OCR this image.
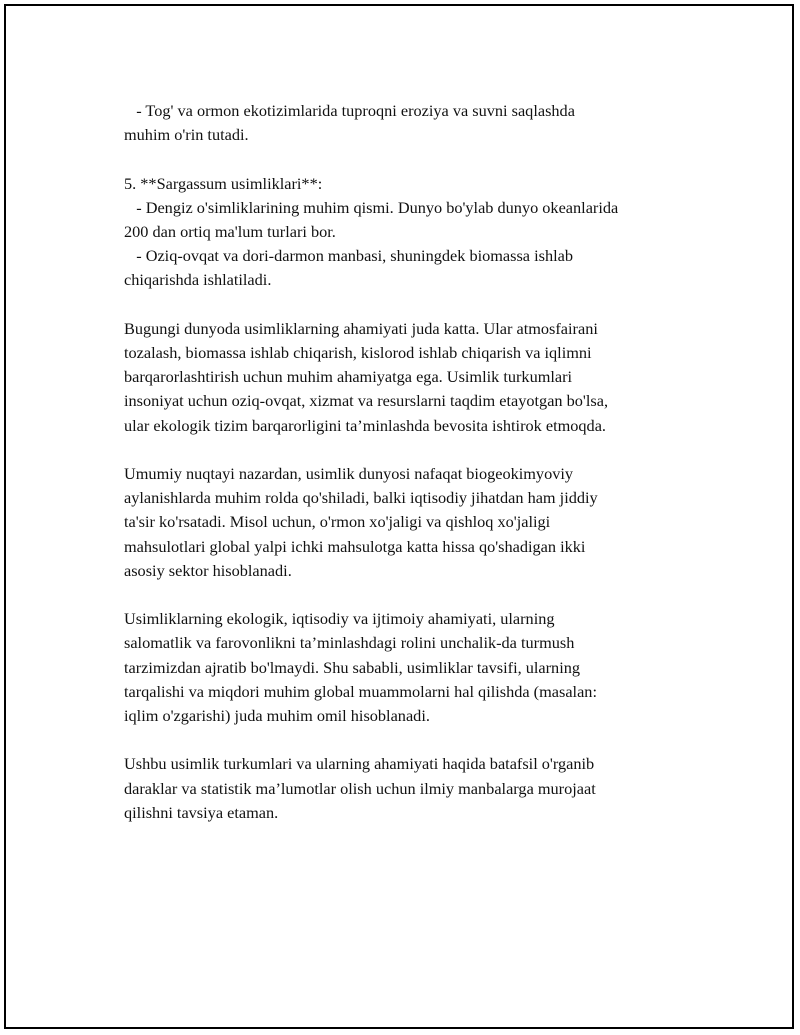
- Tog' va ormon ekotizimlarida tuproqni eroziya va suvni saqlashda
muhim o'rin tutadi.
5. **Sargassum usimliklari**:
- Dengiz o'simliklarining muhim qismi. Dunyo bo'ylab dunyo okeanlarida
200 dan ortiq ma'lum turlari bor.
- Oziq-ovqat va dori-darmon manbasi, shuningdek biomassa ishlab
chiqarishda ishlatiladi.
Bugungi dunyoda usimliklarning ahamiyati juda katta. Ular atmosfairani
tozalash, biomassa ishlab chiqarish, kislorod ishlab chiqarish va iqlimni
barqarorlashtirish uchun muhim ahamiyatga ega. Usimlik turkumlari
insoniyat uchun oziq-ovqat, xizmat va resurslarni taqdim etayotgan bo'lsa,
ular ekologik tizim barqarorligini ta’minlashda bevosita ishtirok etmoqda.
Umumiy nuqtayi nazardan, usimlik dunyosi nafaqat biogeokimyoviy
aylanishlarda muhim rolda qo'shiladi, balki iqtisodiy jihatdan ham jiddiy
ta'sir ko'rsatadi. Misol uchun, o'rmon xo'jaligi va qishloq xo'jaligi
mahsulotlari global yalpi ichki mahsulotga katta hissa qo'shadigan ikki
asosiy sektor hisoblanadi.
Usimliklarning ekologik, iqtisodiy va ijtimoiy ahamiyati, ularning
salomatlik va farovonlikni ta’minlashdagi rolini unchalik-da turmush
tarzimizdan ajratib bo'lmaydi. Shu sababli, usimliklar tavsifi, ularning
tarqalishi va miqdori muhim global muammolarni hal qilishda (masalan:
iqlim o'zgarishi) juda muhim omil hisoblanadi.
Ushbu usimlik turkumlari va ularning ahamiyati haqida batafsil o'rganib
daraklar va statistik ma’lumotlar olish uchun ilmiy manbalarga murojaat
qilishni tavsiya etaman.
